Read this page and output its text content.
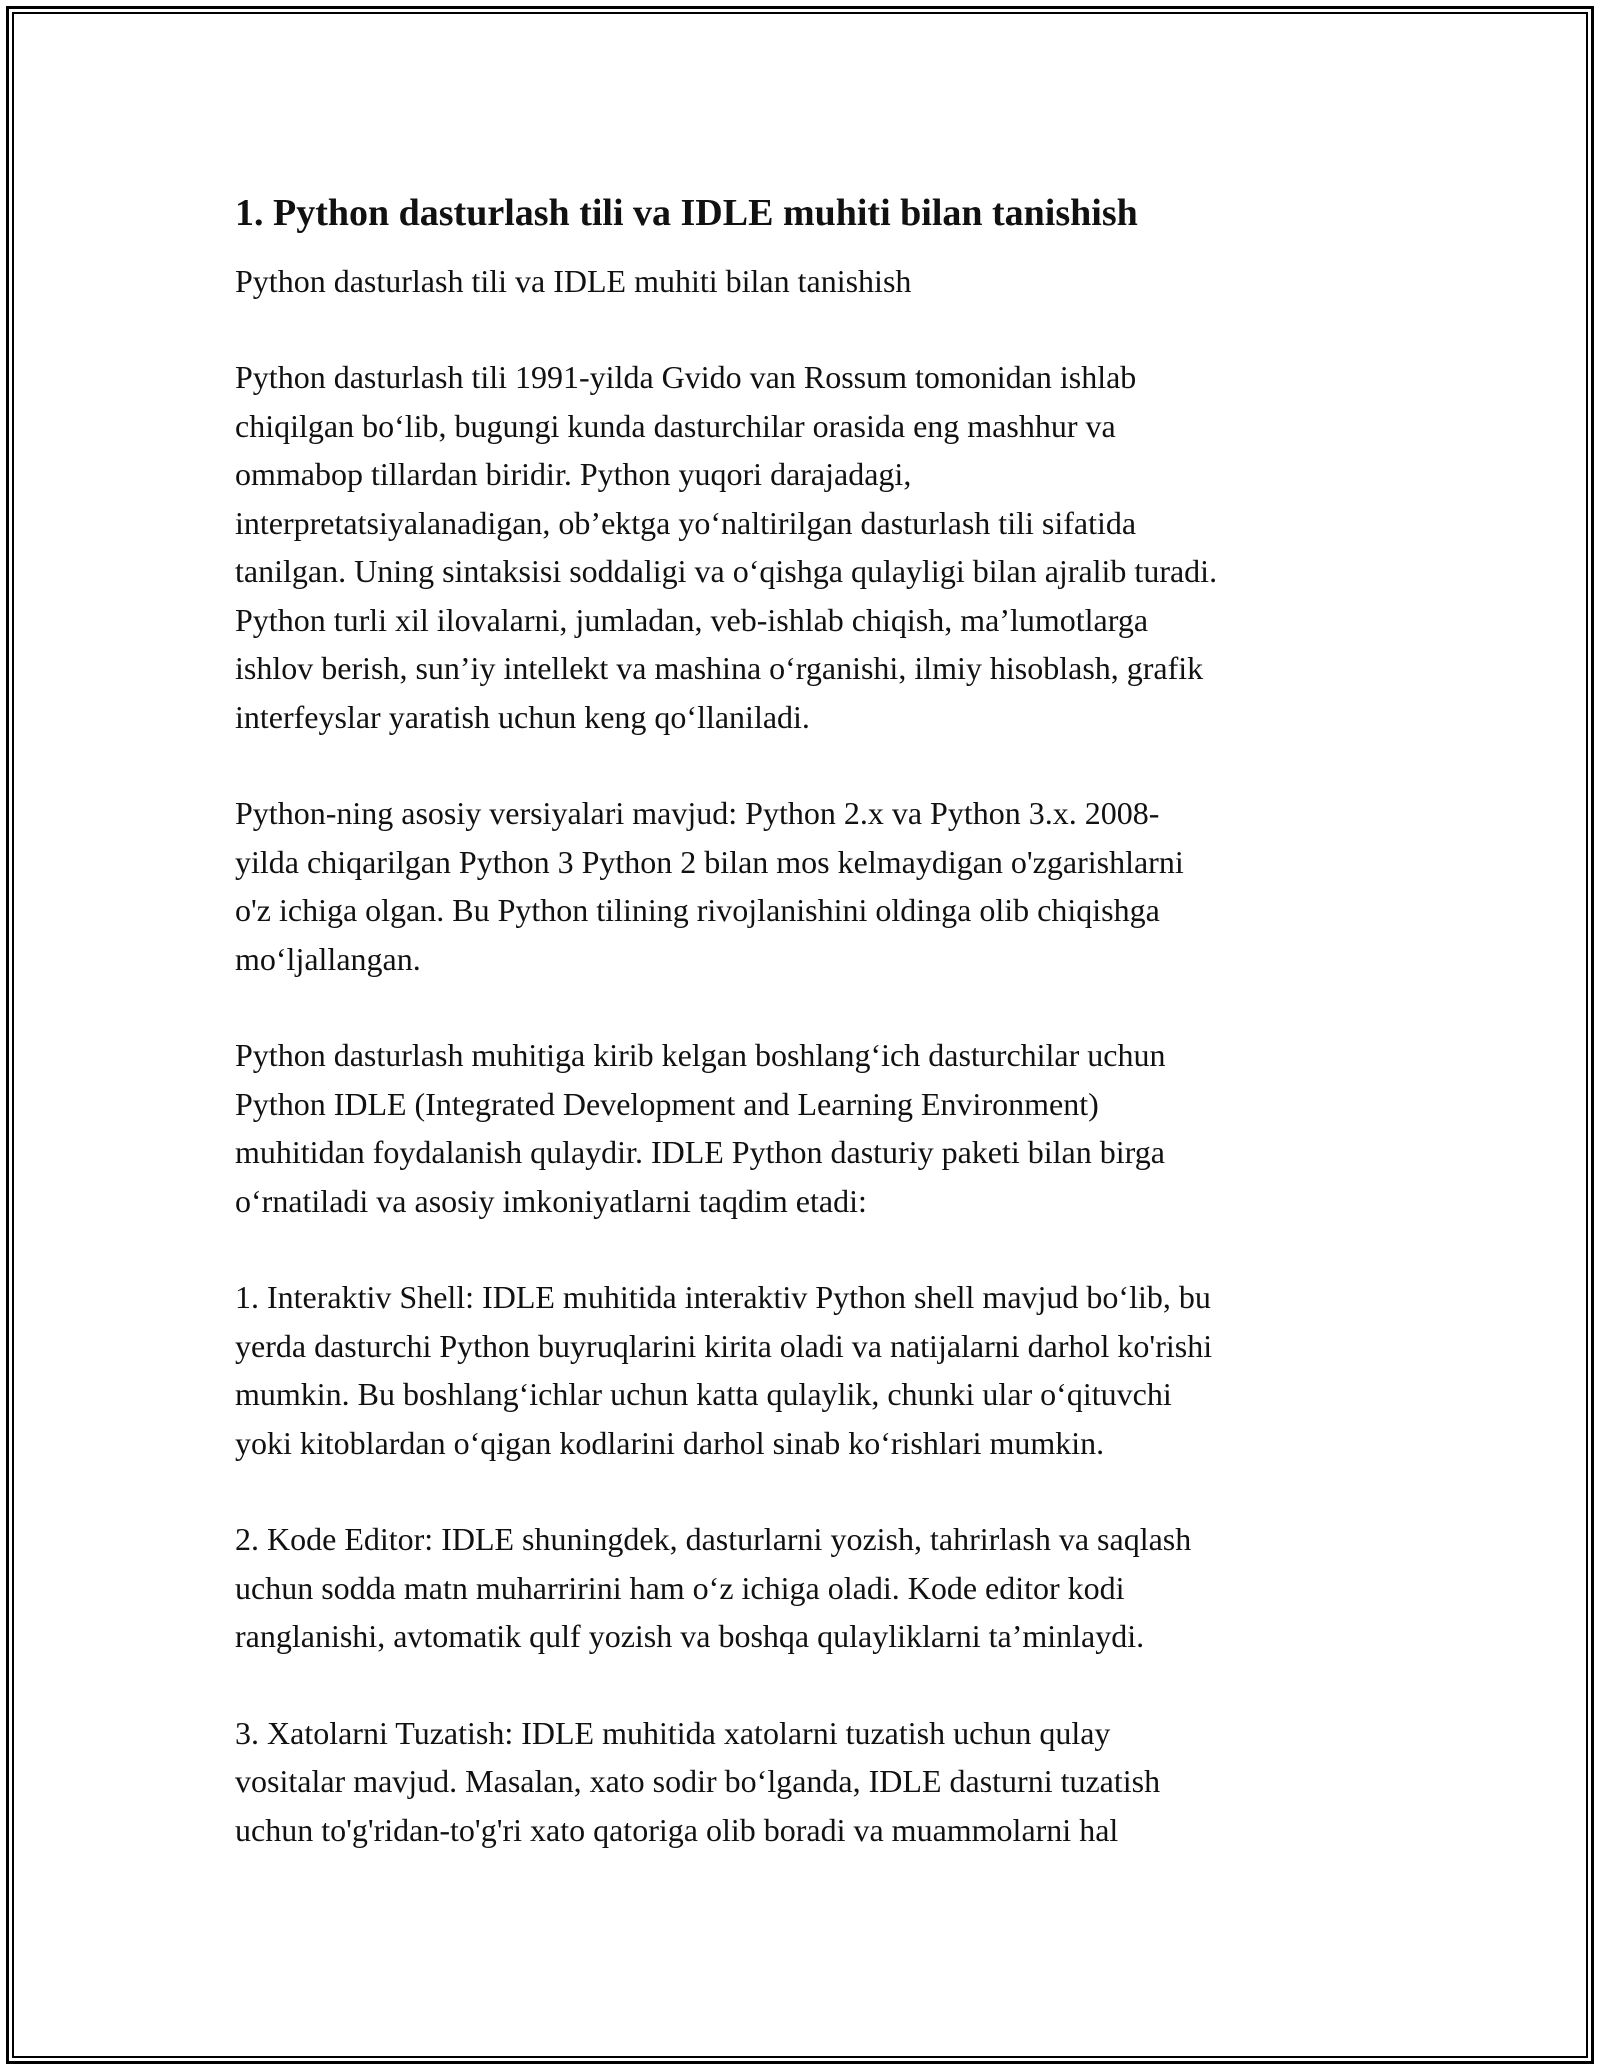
1. Python dasturlash tili va IDLE muhiti bilan tanishish

Python dasturlash tili va IDLE muhiti bilan tanishish

Python dasturlash tili 1991-yilda Gvido van Rossum tomonidan ishlab
chiqilgan bo‘lib, bugungi kunda dasturchilar orasida eng mashhur va
ommabop tillardan biridir. Python yuqori darajadagi,
interpretatsiyalanadigan, ob’ektga yo‘naltirilgan dasturlash tili sifatida
tanilgan. Uning sintaksisi soddaligi va o‘qishga qulayligi bilan ajralib turadi.
Python turli xil ilovalarni, jumladan, veb-ishlab chiqish, ma’lumotlarga
ishlov berish, sun’iy intellekt va mashina o‘rganishi, ilmiy hisoblash, grafik
interfeyslar yaratish uchun keng qo‘llaniladi.

Python-ning asosiy versiyalari mavjud: Python 2.x va Python 3.x. 2008-
yilda chiqarilgan Python 3 Python 2 bilan mos kelmaydigan o'zgarishlarni
o'z ichiga olgan. Bu Python tilining rivojlanishini oldinga olib chiqishga
mo‘ljallangan.

Python dasturlash muhitiga kirib kelgan boshlang‘ich dasturchilar uchun
Python IDLE (Integrated Development and Learning Environment)
muhitidan foydalanish qulaydir. IDLE Python dasturiy paketi bilan birga
o‘rnatiladi va asosiy imkoniyatlarni taqdim etadi:

1. Interaktiv Shell: IDLE muhitida interaktiv Python shell mavjud bo‘lib, bu
yerda dasturchi Python buyruqlarini kirita oladi va natijalarni darhol ko'rishi
mumkin. Bu boshlang‘ichlar uchun katta qulaylik, chunki ular o‘qituvchi
yoki kitoblardan o‘qigan kodlarini darhol sinab ko‘rishlari mumkin.

2. Kode Editor: IDLE shuningdek, dasturlarni yozish, tahrirlash va saqlash
uchun sodda matn muharririni ham o‘z ichiga oladi. Kode editor kodi
ranglanishi, avtomatik qulf yozish va boshqa qulayliklarni ta’minlaydi.

3. Xatolarni Tuzatish: IDLE muhitida xatolarni tuzatish uchun qulay
vositalar mavjud. Masalan, xato sodir bo‘lganda, IDLE dasturni tuzatish
uchun to'g'ridan-to'g'ri xato qatoriga olib boradi va muammolarni hal
